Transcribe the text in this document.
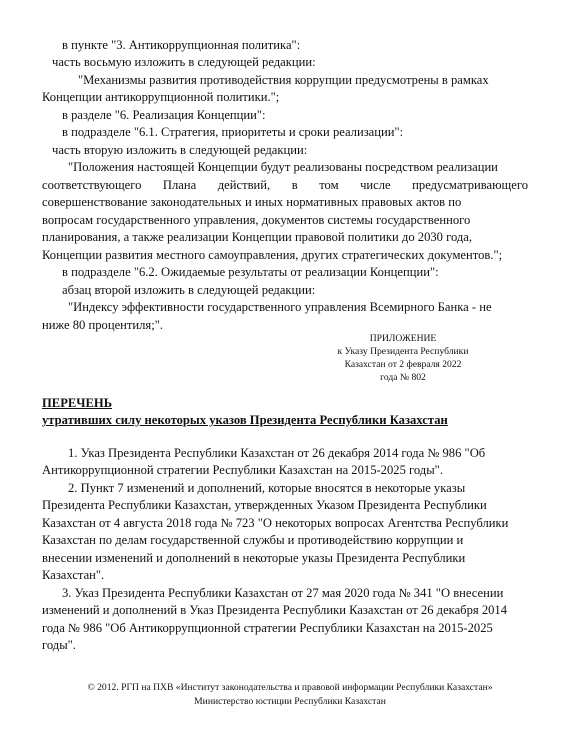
в пункте "3. Антикоррупционная политика":
часть восьмую изложить в следующей редакции:
"Механизмы развития противодействия коррупции предусмотрены в рамках
Концепции антикоррупционной политики.";
в разделе "6. Реализация Концепции":
в подразделе "6.1. Стратегия, приоритеты и сроки реализации":
часть вторую изложить в следующей редакции:
"Положения настоящей Концепции будут реализованы посредством реализации
соответствующего Плана действий, в том числе предусматривающего
совершенствование законодательных и иных нормативных правовых актов по
вопросам государственного управления, документов системы государственного
планирования, а также реализации Концепции правовой политики до 2030 года,
Концепции развития местного самоуправления, других стратегических документов.";
в подразделе "6.2. Ожидаемые результаты от реализации Концепции":
абзац второй изложить в следующей редакции:
"Индексу эффективности государственного управления Всемирного Банка - не
ниже 80 процентиля;".
ПРИЛОЖЕНИЕ
к Указу Президента Республики
Казахстан от 2 февраля 2022
года № 802
ПЕРЕЧЕНЬ
утративших силу некоторых указов Президента Республики Казахстан
1. Указ Президента Республики Казахстан от 26 декабря 2014 года № 986 "Об
Антикоррупционной стратегии Республики Казахстан на 2015-2025 годы".
2. Пункт 7 изменений и дополнений, которые вносятся в некоторые указы
Президента Республики Казахстан, утвержденных Указом Президента Республики
Казахстан от 4 августа 2018 года № 723 "О некоторых вопросах Агентства Республики
Казахстан по делам государственной службы и противодействию коррупции и
внесении изменений и дополнений в некоторые указы Президента Республики
Казахстан".
3. Указ Президента Республики Казахстан от 27 мая 2020 года № 341 "О внесении
изменений и дополнений в Указ Президента Республики Казахстан от 26 декабря 2014
года № 986 "Об Антикоррупционной стратегии Республики Казахстан на 2015-2025
годы".
© 2012. РГП на ПХВ «Институт законодательства и правовой информации Республики Казахстан»
Министерство юстиции Республики Казахстан
